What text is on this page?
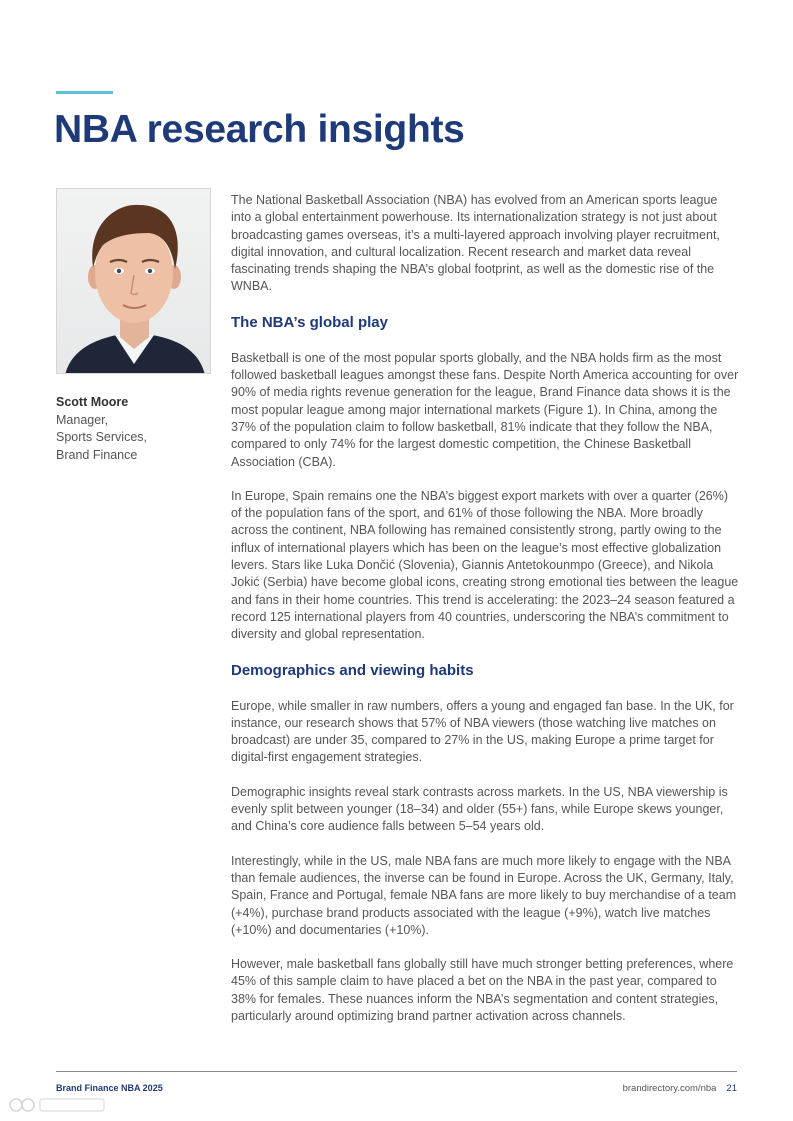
NBA research insights
Scott Moore
Manager,
Sports Services,
Brand Finance

The National Basketball Association (NBA) has evolved from an American sports league into a global entertainment powerhouse. Its internationalization strategy is not just about broadcasting games overseas, it’s a multi-layered approach involving player recruitment, digital innovation, and cultural localization. Recent research and market data reveal fascinating trends shaping the NBA’s global footprint, as well as the domestic rise of the WNBA.

The NBA’s global play

Basketball is one of the most popular sports globally, and the NBA holds firm as the most followed basketball leagues amongst these fans. Despite North America accounting for over 90% of media rights revenue generation for the league, Brand Finance data shows it is the most popular league among major international markets (Figure 1). In China, among the 37% of the population claim to follow basketball, 81% indicate that they follow the NBA, compared to only 74% for the largest domestic competition, the Chinese Basketball Association (CBA).

In Europe, Spain remains one the NBA’s biggest export markets with over a quarter (26%) of the population fans of the sport, and 61% of those following the NBA. More broadly across the continent, NBA following has remained consistently strong, partly owing to the influx of international players which has been on the league’s most effective globalization levers. Stars like Luka Dončić (Slovenia), Giannis Antetokounmpo (Greece), and Nikola Jokić (Serbia) have become global icons, creating strong emotional ties between the league and fans in their home countries. This trend is accelerating: the 2023–24 season featured a record 125 international players from 40 countries, underscoring the NBA’s commitment to diversity and global representation.

Demographics and viewing habits

Europe, while smaller in raw numbers, offers a young and engaged fan base. In the UK, for instance, our research shows that 57% of NBA viewers (those watching live matches on broadcast) are under 35, compared to 27% in the US, making Europe a prime target for digital-first engagement strategies.

Demographic insights reveal stark contrasts across markets. In the US, NBA viewership is evenly split between younger (18–34) and older (55+) fans, while Europe skews younger, and China’s core audience falls between 5–54 years old.

Interestingly, while in the US, male NBA fans are much more likely to engage with the NBA than female audiences, the inverse can be found in Europe. Across the UK, Germany, Italy, Spain, France and Portugal, female NBA fans are more likely to buy merchandise of a team (+4%), purchase brand products associated with the league (+9%), watch live matches (+10%) and documentaries (+10%).

However, male basketball fans globally still have much stronger betting preferences, where 45% of this sample claim to have placed a bet on the NBA in the past year, compared to 38% for females. These nuances inform the NBA’s segmentation and content strategies, particularly around optimizing brand partner activation across channels.

Brand Finance NBA 2025	brandirectory.com/nba 21
